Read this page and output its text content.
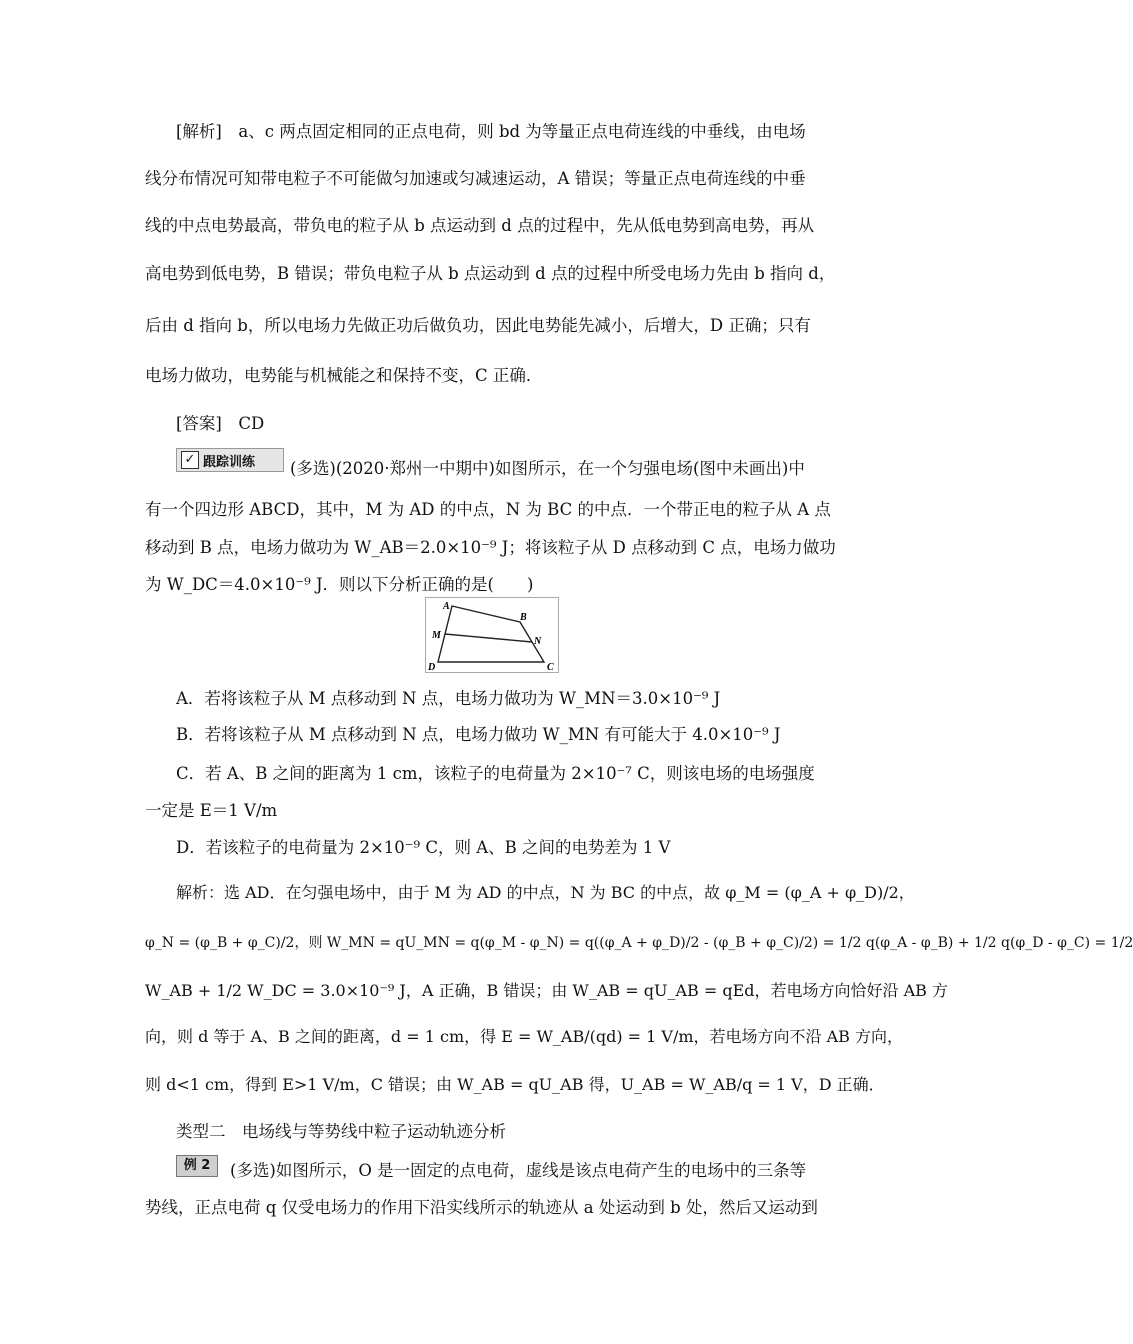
[解析]　a、c 两点固定相同的正点电荷，则 bd 为等量正点电荷连线的中垂线，由电场
线分布情况可知带电粒子不可能做匀加速或匀减速运动，A 错误；等量正点电荷连线的中垂
线的中点电势最高，带负电的粒子从 b 点运动到 d 点的过程中，先从低电势到高电势，再从
高电势到低电势，B 错误；带负电粒子从 b 点运动到 d 点的过程中所受电场力先由 b 指向 d，
后由 d 指向 b，所以电场力先做正功后做负功，因此电势能先减小，后增大，D 正确；只有
电场力做功，电势能与机械能之和保持不变，C 正确．
[答案]　CD
✓ 跟踪训练 (多选)(2020·郑州一中期中)如图所示，在一个匀强电场(图中未画出)中
有一个四边形 ABCD，其中，M 为 AD 的中点，N 为 BC 的中点．一个带正电的粒子从 A 点
移动到 B 点，电场力做功为 W_AB＝2.0×10⁻⁹ J；将该粒子从 D 点移动到 C 点，电场力做功
为 W_DC＝4.0×10⁻⁹ J．则以下分析正确的是(　　)
A
B
M
N
D	C
A．若将该粒子从 M 点移动到 N 点，电场力做功为 W_MN＝3.0×10⁻⁹ J
B．若将该粒子从 M 点移动到 N 点，电场力做功 W_MN 有可能大于 4.0×10⁻⁹ J
C．若 A、B 之间的距离为 1 cm，该粒子的电荷量为 2×10⁻⁷ C，则该电场的电场强度
一定是 E＝1 V/m
D．若该粒子的电荷量为 2×10⁻⁹ C，则 A、B 之间的电势差为 1 V
解析：选 AD．在匀强电场中，由于 M 为 AD 的中点，N 为 BC 的中点，故 φ_M = (φ_A + φ_D)/2，
φ_N = (φ_B + φ_C)/2，则 W_MN = qU_MN = q(φ_M - φ_N) = q((φ_A + φ_D)/2 - (φ_B + φ_C)/2) = 1/2 q(φ_A - φ_B) + 1/2 q(φ_D - φ_C) = 1/2
W_AB + 1/2 W_DC = 3.0×10⁻⁹ J，A 正确，B 错误；由 W_AB = qU_AB = qEd，若电场方向恰好沿 AB 方
向，则 d 等于 A、B 之间的距离，d = 1 cm，得 E = W_AB/(qd) = 1 V/m，若电场方向不沿 AB 方向，
则 d<1 cm，得到 E>1 V/m，C 错误；由 W_AB = qU_AB 得，U_AB = W_AB/q = 1 V，D 正确．
类型二　电场线与等势线中粒子运动轨迹分析
例 2	(多选)如图所示，O 是一固定的点电荷，虚线是该点电荷产生的电场中的三条等
势线，正点电荷 q 仅受电场力的作用下沿实线所示的轨迹从 a 处运动到 b 处，然后又运动到
